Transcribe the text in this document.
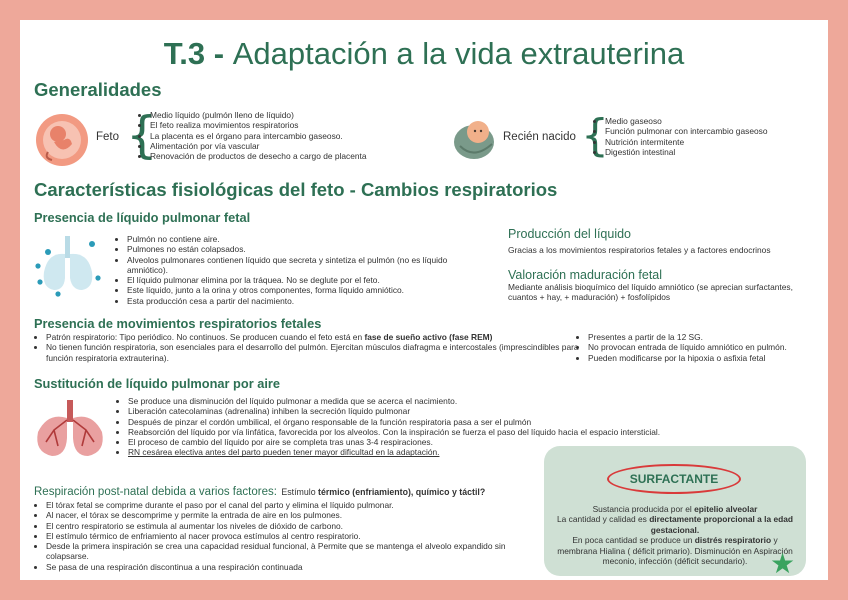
T.3 - Adaptación a la vida extrauterina
Generalidades
Feto {
• Medio líquido (pulmón lleno de líquido)
• El feto realiza movimientos respiratorios
• La placenta es el órgano para intercambio gaseoso.
• Alimentación por vía vascular
• Renovación de productos de desecho a cargo de placenta
Recién nacido {
• Medio gaseoso
• Función pulmonar con intercambio gaseoso
• Nutrición intermitente
• Digestión intestinal
Características fisiológicas del feto - Cambios respiratorios
Presencia de líquido pulmonar fetal
• Pulmón no contiene aire.
• Pulmones no están colapsados.
• Alveolos pulmonares contienen líquido que secreta y sintetiza el pulmón (no es líquido amniótico).
• El líquido pulmonar elimina por la tráquea. No se deglute por el feto.
• Este líquido, junto a la orina y otros componentes, forma líquido amniótico.
• Esta producción cesa a partir del nacimiento.
Producción del líquido
Gracias a los movimientos respiratorios fetales y a factores endocrinos
Valoración maduración fetal
Mediante análisis bioquímico del líquido amniótico (se aprecian surfactantes, cuantos + hay, + maduración) + fosfolípidos
Presencia de movimientos respiratorios fetales
• Patrón respiratorio: Tipo periódico. No continuos. Se producen cuando el feto está en fase de sueño activo (fase REM)
• No tienen función respiratoria, son esenciales para el desarrollo del pulmón. Ejercitan músculos diafragma e intercostales (imprescindibles para función respiratoria extrauterina).
• Presentes a partir de la 12 SG.
• No provocan entrada de líquido amniótico en pulmón.
• Pueden modificarse por la hipoxia o asfixia fetal
Sustitución de líquido pulmonar por aire
• Se produce una disminución del líquido pulmonar a medida que se acerca el nacimiento.
• Liberación catecolaminas (adrenalina) inhiben la secreción líquido pulmonar
• Después de pinzar el cordón umbilical, el órgano responsable de la función respiratoria pasa a ser el pulmón
• Reabsorción del líquido por vía linfática, favorecida por los alveolos. Con la inspiración se fuerza el paso del líquido hacia el espacio intersticial.
• El proceso de cambio del líquido por aire se completa tras unas 3-4 respiraciones.
• RN cesárea electiva antes del parto pueden tener mayor dificultad en la adaptación.
Respiración post-natal debida a varios factores: Estímulo térmico (enfriamiento), químico y táctil?
• El tórax fetal se comprime durante el paso por el canal del parto y elimina el líquido pulmonar.
• Al nacer, el tórax se descomprime y permite la entrada de aire en los pulmones.
• El centro respiratorio se estimula al aumentar los niveles de dióxido de carbono.
• El estímulo térmico de enfriamiento al nacer provoca estímulos al centro respiratorio.
• Desde la primera inspiración se crea una capacidad residual funcional, à Permite que se mantenga el alveolo expandido sin colapsarse.
• Se pasa de una respiración discontinua a una respiración continuada
SURFACTANTE
Sustancia producida por el epitelio alveolar
La cantidad y calidad es directamente proporcional a la edad gestacional.
En poca cantidad se produce un distrés respiratorio y membrana Hialina ( déficit primario). Disminución en Aspiración meconio, infección (déficit secundario). ★
